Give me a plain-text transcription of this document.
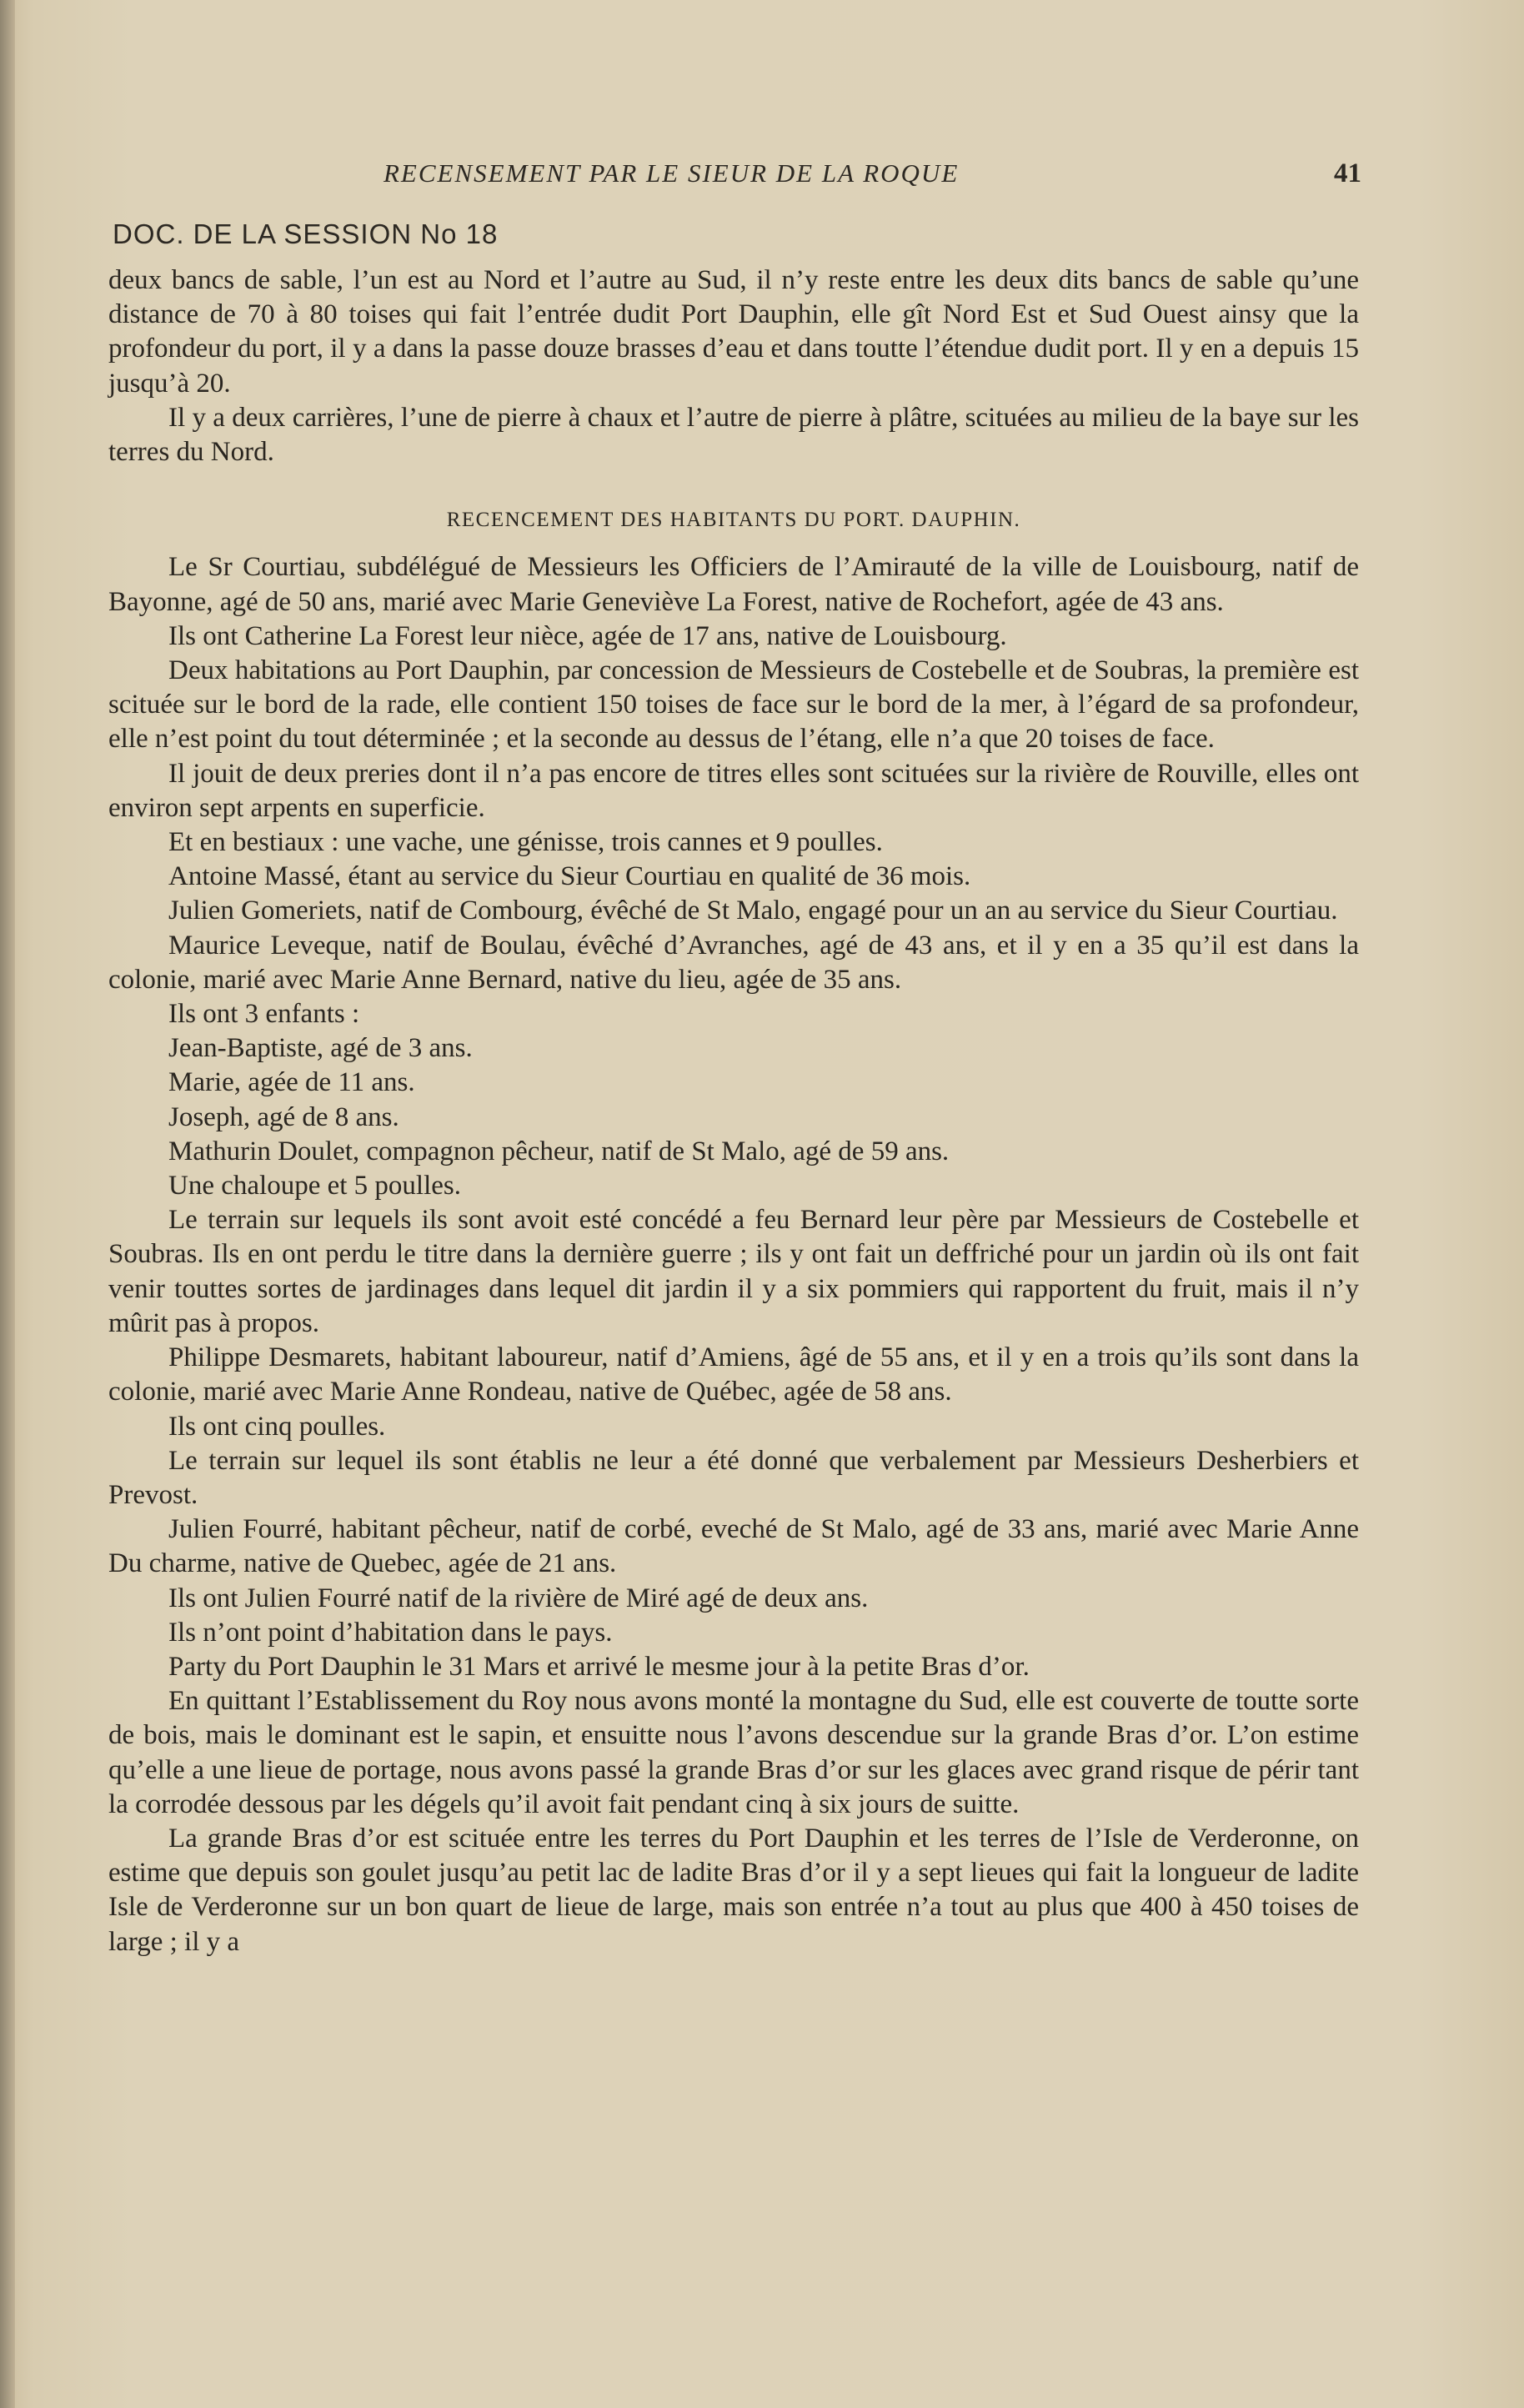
RECENSEMENT PAR LE SIEUR DE LA ROQUE	41
DOC. DE LA SESSION No 18

deux bancs de sable, l’un est au Nord et l’autre au Sud, il n’y reste entre les deux dits bancs de sable qu’une distance de 70 à 80 toises qui fait l’entrée dudit Port Dauphin, elle gît Nord Est et Sud Ouest ainsy que la profondeur du port, il y a dans la passe douze brasses d’eau et dans toutte l’étendue dudit port. Il y en a depuis 15 jusqu’à 20.

Il y a deux carrières, l’une de pierre à chaux et l’autre de pierre à plâtre, scituées au milieu de la baye sur les terres du Nord.

RECENCEMENT DES HABITANTS DU PORT. DAUPHIN.

Le Sr Courtiau, subdélégué de Messieurs les Officiers de l’Amirauté de la ville de Louisbourg, natif de Bayonne, agé de 50 ans, marié avec Marie Geneviève La Forest, native de Rochefort, agée de 43 ans.

Ils ont Catherine La Forest leur nièce, agée de 17 ans, native de Louisbourg.

Deux habitations au Port Dauphin, par concession de Messieurs de Costebelle et de Soubras, la première est scituée sur le bord de la rade, elle contient 150 toises de face sur le bord de la mer, à l’égard de sa profondeur, elle n’est point du tout déterminée ; et la seconde au dessus de l’étang, elle n’a que 20 toises de face.

Il jouit de deux preries dont il n’a pas encore de titres elles sont scituées sur la rivière de Rouville, elles ont environ sept arpents en superficie.

Et en bestiaux : une vache, une génisse, trois cannes et 9 poulles.

Antoine Massé, étant au service du Sieur Courtiau en qualité de 36 mois.

Julien Gomeriets, natif de Combourg, évêché de St Malo, engagé pour un an au service du Sieur Courtiau.

Maurice Leveque, natif de Boulau, évêché d’Avranches, agé de 43 ans, et il y en a 35 qu’il est dans la colonie, marié avec Marie Anne Bernard, native du lieu, agée de 35 ans.

Ils ont 3 enfants :

Jean-Baptiste, agé de 3 ans.

Marie, agée de 11 ans.

Joseph, agé de 8 ans.

Mathurin Doulet, compagnon pêcheur, natif de St Malo, agé de 59 ans.

Une chaloupe et 5 poulles.

Le terrain sur lequels ils sont avoit esté concédé a feu Bernard leur père par Messieurs de Costebelle et Soubras. Ils en ont perdu le titre dans la dernière guerre ; ils y ont fait un deffriché pour un jardin où ils ont fait venir touttes sortes de jardinages dans lequel dit jardin il y a six pommiers qui rapportent du fruit, mais il n’y mûrit pas à propos.

Philippe Desmarets, habitant laboureur, natif d’Amiens, âgé de 55 ans, et il y en a trois qu’ils sont dans la colonie, marié avec Marie Anne Rondeau, native de Québec, agée de 58 ans.

Ils ont cinq poulles.

Le terrain sur lequel ils sont établis ne leur a été donné que verbalement par Messieurs Desherbiers et Prevost.

Julien Fourré, habitant pêcheur, natif de corbé, eveché de St Malo, agé de 33 ans, marié avec Marie Anne Du charme, native de Quebec, agée de 21 ans.

Ils ont Julien Fourré natif de la rivière de Miré agé de deux ans.

Ils n’ont point d’habitation dans le pays.

Party du Port Dauphin le 31 Mars et arrivé le mesme jour à la petite Bras d’or.

En quittant l’Establissement du Roy nous avons monté la montagne du Sud, elle est couverte de toutte sorte de bois, mais le dominant est le sapin, et ensuitte nous l’avons descendue sur la grande Bras d’or. L’on estime qu’elle a une lieue de portage, nous avons passé la grande Bras d’or sur les glaces avec grand risque de périr tant la corrodée dessous par les dégels qu’il avoit fait pendant cinq à six jours de suitte.

La grande Bras d’or est scituée entre les terres du Port Dauphin et les terres de l’Isle de Verderonne, on estime que depuis son goulet jusqu’au petit lac de ladite Bras d’or il y a sept lieues qui fait la longueur de ladite Isle de Verderonne sur un bon quart de lieue de large, mais son entrée n’a tout au plus que 400 à 450 toises de large ; il y a
